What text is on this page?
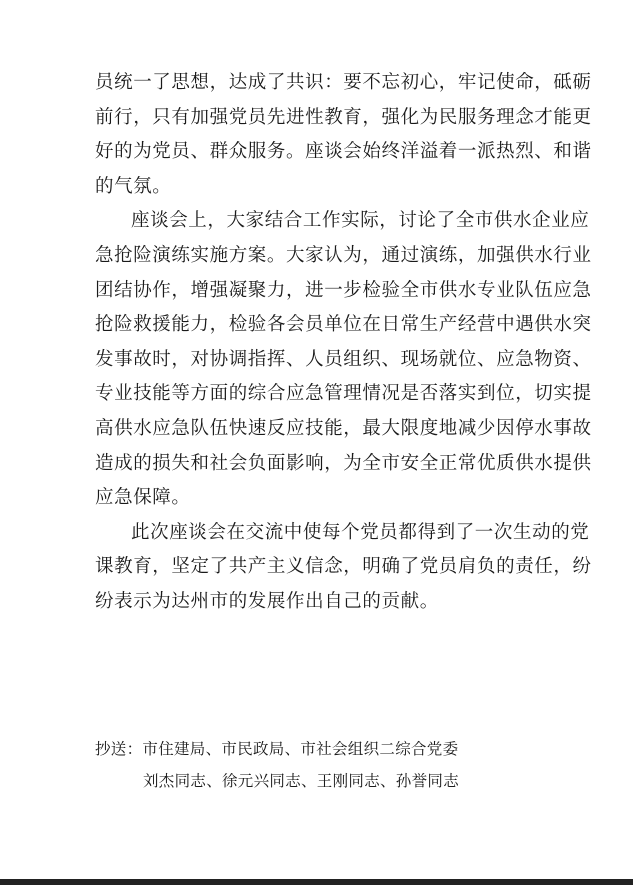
员统一了思想，达成了共识：要不忘初心，牢记使命，砥砺
前行，只有加强党员先进性教育，强化为民服务理念才能更
好的为党员、群众服务。座谈会始终洋溢着一派热烈、和谐
的气氛。
座谈会上，大家结合工作实际，讨论了全市供水企业应
急抢险演练实施方案。大家认为，通过演练，加强供水行业
团结协作，增强凝聚力，进一步检验全市供水专业队伍应急
抢险救援能力，检验各会员单位在日常生产经营中遇供水突
发事故时，对协调指挥、人员组织、现场就位、应急物资、
专业技能等方面的综合应急管理情况是否落实到位，切实提
高供水应急队伍快速反应技能，最大限度地减少因停水事故
造成的损失和社会负面影响，为全市安全正常优质供水提供
应急保障。
此次座谈会在交流中使每个党员都得到了一次生动的党
课教育，坚定了共产主义信念，明确了党员肩负的责任，纷
纷表示为达州市的发展作出自己的贡献。
抄送：市住建局、市民政局、市社会组织二综合党委
刘杰同志、徐元兴同志、王刚同志、孙誉同志
